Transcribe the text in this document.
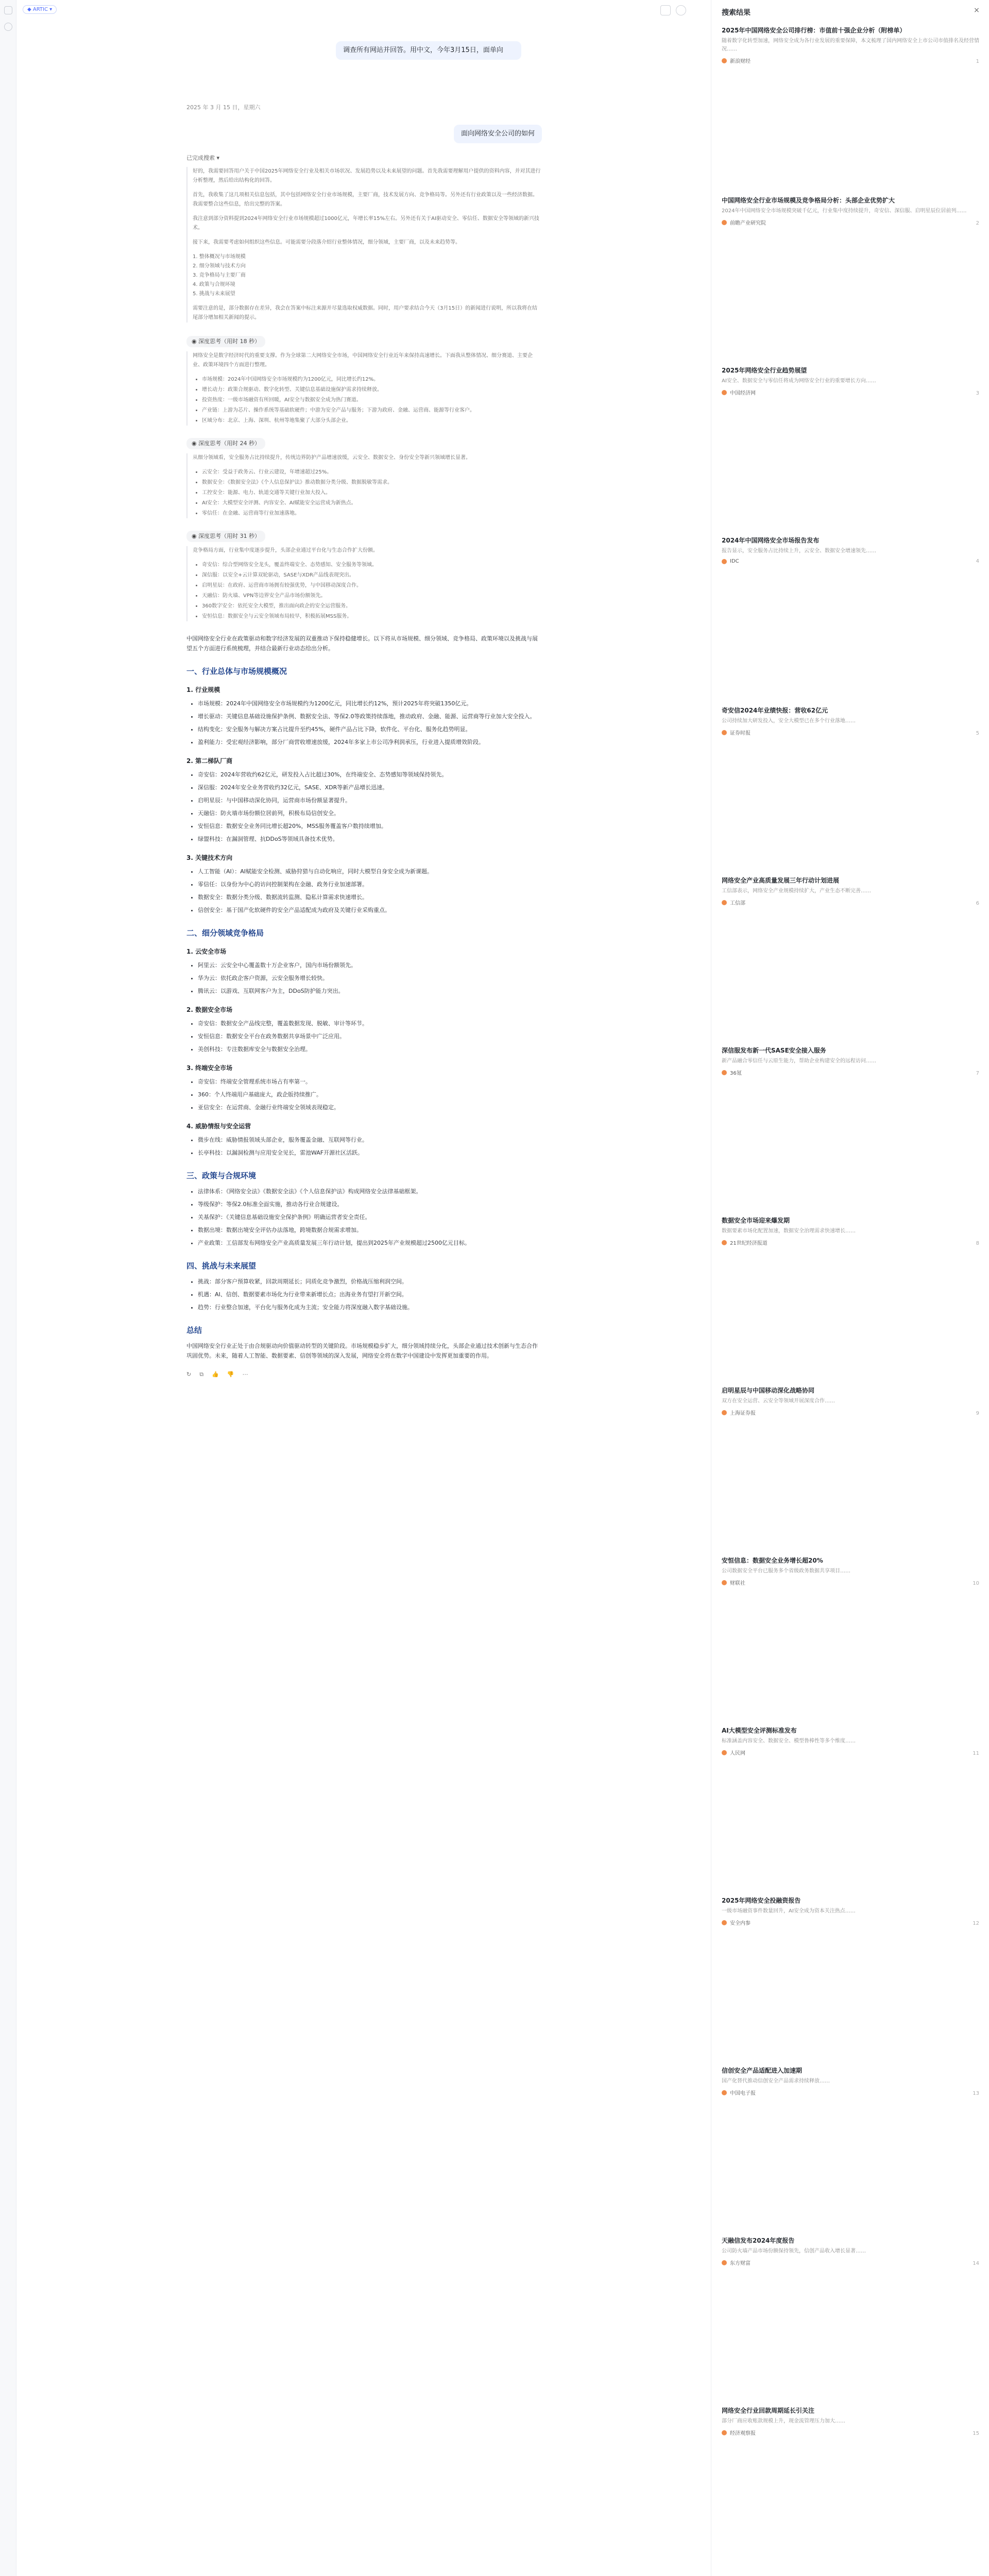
◆ ARTIC ▾
调查所有网站并回答。用中文，今年3月15日，面单向
2025 年 3 月 15 日，星期六
面向网络安全公司的如何
已完成搜索 ▾

好的，我需要回答用户关于中国2025年网络安全行业及相关市场状况、发展趋势以及未来展望的问题。首先我需要理解用户提供的资料内容，并对其进行分析整理，然后给出结构化的回答。

首先，我收集了这几项相关信息包括，其中包括网络安全行业市场规模，主要厂商，技术发展方向、竞争格局等。另外还有行业政策以及一些经济数据。我需要整合这些信息，给出完整的答案。

我注意到部分资料提到2024年网络安全行业市场规模超过1000亿元，年增长率15%左右。另外还有关于AI驱动安全、零信任、数据安全等领域的新兴技术。

接下来，我需要考虑如何组织这些信息。可能需要分段落介绍行业整体情况，细分领域，主要厂商，以及未来趋势等。

1. 整体概况与市场规模
2. 细分领域与技术方向
3. 竞争格局与主要厂商
4. 政策与合规环境
5. 挑战与未来展望

需要注意的是，部分数据存在差异，我会在答案中标注来源并尽量选取权威数据。同时，用户要求结合今天（3月15日）的新闻进行说明，所以我将在结尾部分增加相关新闻的提示。

◉ 深度思考（用时 18 秒）

网络安全是数字经济时代的重要支撑。作为全球第二大网络安全市场，中国网络安全行业近年来保持高速增长。下面我从整体情况、细分赛道、主要企业、政策环境四个方面进行整理。

• 市场规模：2024年中国网络安全市场规模约为1200亿元，同比增长约12%。
• 增长动力：政策合规驱动、数字化转型、关键信息基础设施保护需求持续释放。
• 投资热度：一级市场融资有所回暖，AI安全与数据安全成为热门赛道。
• 产业链：上游为芯片、操作系统等基础软硬件；中游为安全产品与服务；下游为政府、金融、运营商、能源等行业客户。
• 区域分布：北京、上海、深圳、杭州等地集聚了大部分头部企业。
◉ 深度思考（用时 24 秒）

从细分领域看，安全服务占比持续提升，传统边界防护产品增速放缓，云安全、数据安全、身份安全等新兴领域增长显著。

• 云安全：受益于政务云、行业云建设，年增速超过25%。
• 数据安全：《数据安全法》《个人信息保护法》推动数据分类分级、数据脱敏等需求。
• 工控安全：能源、电力、轨道交通等关键行业加大投入。
• AI安全：大模型安全评测、内容安全、AI赋能安全运营成为新热点。
• 零信任：在金融、运营商等行业加速落地。
◉ 深度思考（用时 31 秒）

竞争格局方面，行业集中度逐步提升，头部企业通过平台化与生态合作扩大份额。

• 奇安信：综合型网络安全龙头，覆盖终端安全、态势感知、安全服务等领域。
• 深信服：以安全+云计算双轮驱动，SASE与XDR产品线表现突出。
• 启明星辰：在政府、运营商市场拥有较强优势，与中国移动深度合作。
• 天融信：防火墙、VPN等边界安全产品市场份额领先。
• 360数字安全：依托安全大模型，推出面向政企的安全运营服务。
• 安恒信息：数据安全与云安全领域布局较早，积极拓展MSS服务。

中国网络安全行业在政策驱动和数字经济发展的双重推动下保持稳健增长。以下将从市场规模、细分领域、竞争格局、政策环境以及挑战与展望五个方面进行系统梳理，并结合最新行业动态给出分析。

一、行业总体与市场规模概况
1. 行业规模
• 市场规模：2024年中国网络安全市场规模约为1200亿元，同比增长约12%，预计2025年将突破1350亿元。
• 增长驱动：关键信息基础设施保护条例、数据安全法、等保2.0等政策持续落地，推动政府、金融、能源、运营商等行业加大安全投入。
• 结构变化：安全服务与解决方案占比提升至约45%，硬件产品占比下降，软件化、平台化、服务化趋势明显。
• 盈利能力：受宏观经济影响，部分厂商营收增速放缓，2024年多家上市公司净利润承压，行业进入提质增效阶段。
2. 第二梯队厂商
• 奇安信：2024年营收约62亿元，研发投入占比超过30%，在终端安全、态势感知等领域保持领先。
• 深信服：2024年安全业务营收约32亿元，SASE、XDR等新产品增长迅速。
• 启明星辰：与中国移动深化协同，运营商市场份额显著提升。
• 天融信：防火墙市场份额位居前列，积极布局信创安全。
• 安恒信息：数据安全业务同比增长超20%，MSS服务覆盖客户数持续增加。
• 绿盟科技：在漏洞管理、抗DDoS等领域具备技术优势。
3. 关键技术方向
• 人工智能（AI）：AI赋能安全检测、威胁狩猎与自动化响应，同时大模型自身安全成为新课题。
• 零信任：以身份为中心的访问控制架构在金融、政务行业加速部署。
• 数据安全：数据分类分级、数据流转监测、隐私计算需求快速增长。
• 信创安全：基于国产化软硬件的安全产品适配成为政府及关键行业采购重点。
二、细分领域竞争格局
1. 云安全市场
• 阿里云：云安全中心覆盖数十万企业客户，国内市场份额领先。
• 华为云：依托政企客户资源，云安全服务增长较快。
• 腾讯云：以游戏、互联网客户为主，DDoS防护能力突出。
2. 数据安全市场
• 奇安信：数据安全产品线完整，覆盖数据发现、脱敏、审计等环节。
• 安恒信息：数据安全平台在政务数据共享场景中广泛应用。
• 美创科技：专注数据库安全与数据安全治理。
3. 终端安全市场
• 奇安信：终端安全管理系统市场占有率第一。
• 360：个人终端用户基础庞大，政企版持续推广。
• 亚信安全：在运营商、金融行业终端安全领域表现稳定。
4. 威胁情报与安全运营
• 微步在线：威胁情报领域头部企业，服务覆盖金融、互联网等行业。
• 长亭科技：以漏洞检测与应用安全见长，雷池WAF开源社区活跃。
三、政策与合规环境
• 法律体系：《网络安全法》《数据安全法》《个人信息保护法》构成网络安全法律基础框架。
• 等级保护：等保2.0标准全面实施，推动各行业合规建设。
• 关基保护：《关键信息基础设施安全保护条例》明确运营者安全责任。
• 数据出境：数据出境安全评估办法落地，跨境数据合规需求增加。
• 产业政策：工信部发布网络安全产业高质量发展三年行动计划，提出到2025年产业规模超过2500亿元目标。
四、挑战与未来展望
• 挑战：部分客户预算收紧，回款周期延长；同质化竞争激烈，价格战压缩利润空间。
• 机遇：AI、信创、数据要素市场化为行业带来新增长点；出海业务有望打开新空间。
• 趋势：行业整合加速，平台化与服务化成为主流；安全能力将深度融入数字基础设施。
总结

中国网络安全行业正处于由合规驱动向价值驱动转型的关键阶段。市场规模稳步扩大，细分领域持续分化，头部企业通过技术创新与生态合作巩固优势。未来，随着人工智能、数据要素、信创等领域的深入发展，网络安全将在数字中国建设中发挥更加重要的作用。

↻ ⧉ 👍 👎 ⋯
搜索结果	×
2025年中国网络安全公司排行榜：市值前十强企业分析（附榜单）
随着数字化转型加速，网络安全成为各行业发展的重要保障，本文梳理了国内网络安全上市公司市值排名及经营情况……
新浪财经	1
中国网络安全行业市场规模及竞争格局分析：头部企业优势扩大
2024年中国网络安全市场规模突破千亿元，行业集中度持续提升，奇安信、深信服、启明星辰位居前列……
前瞻产业研究院	2
2025年网络安全行业趋势展望
AI安全、数据安全与零信任将成为网络安全行业的重要增长方向……
中国经济网	3
2024年中国网络安全市场报告发布
报告显示，安全服务占比持续上升，云安全、数据安全增速领先……
IDC	4
奇安信2024年业绩快报：营收62亿元
公司持续加大研发投入，安全大模型已在多个行业落地……
证券时报	5
网络安全产业高质量发展三年行动计划进展
工信部表示，网络安全产业规模持续扩大，产业生态不断完善……
工信部	6
深信服发布新一代SASE安全接入服务
新产品融合零信任与云原生能力，帮助企业构建安全的远程访问……
36氪	7
数据安全市场迎来爆发期
数据要素市场化配置加速，数据安全治理需求快速增长……
21世纪经济报道	8
启明星辰与中国移动深化战略协同
双方在安全运营、云安全等领域开展深度合作……
上海证券报	9
安恒信息：数据安全业务增长超20%
公司数据安全平台已服务多个省级政务数据共享项目……
财联社	10
AI大模型安全评测标准发布
标准涵盖内容安全、数据安全、模型鲁棒性等多个维度……
人民网	11
2025年网络安全投融资报告
一级市场融资事件数量回升，AI安全成为资本关注热点……
安全内参	12
信创安全产品适配进入加速期
国产化替代推动信创安全产品需求持续释放……
中国电子报	13
天融信发布2024年度报告
公司防火墙产品市场份额保持领先，信创产品收入增长显著……
东方财富	14
网络安全行业回款周期延长引关注
部分厂商应收账款规模上升，现金流管理压力加大……
经济观察报	15
